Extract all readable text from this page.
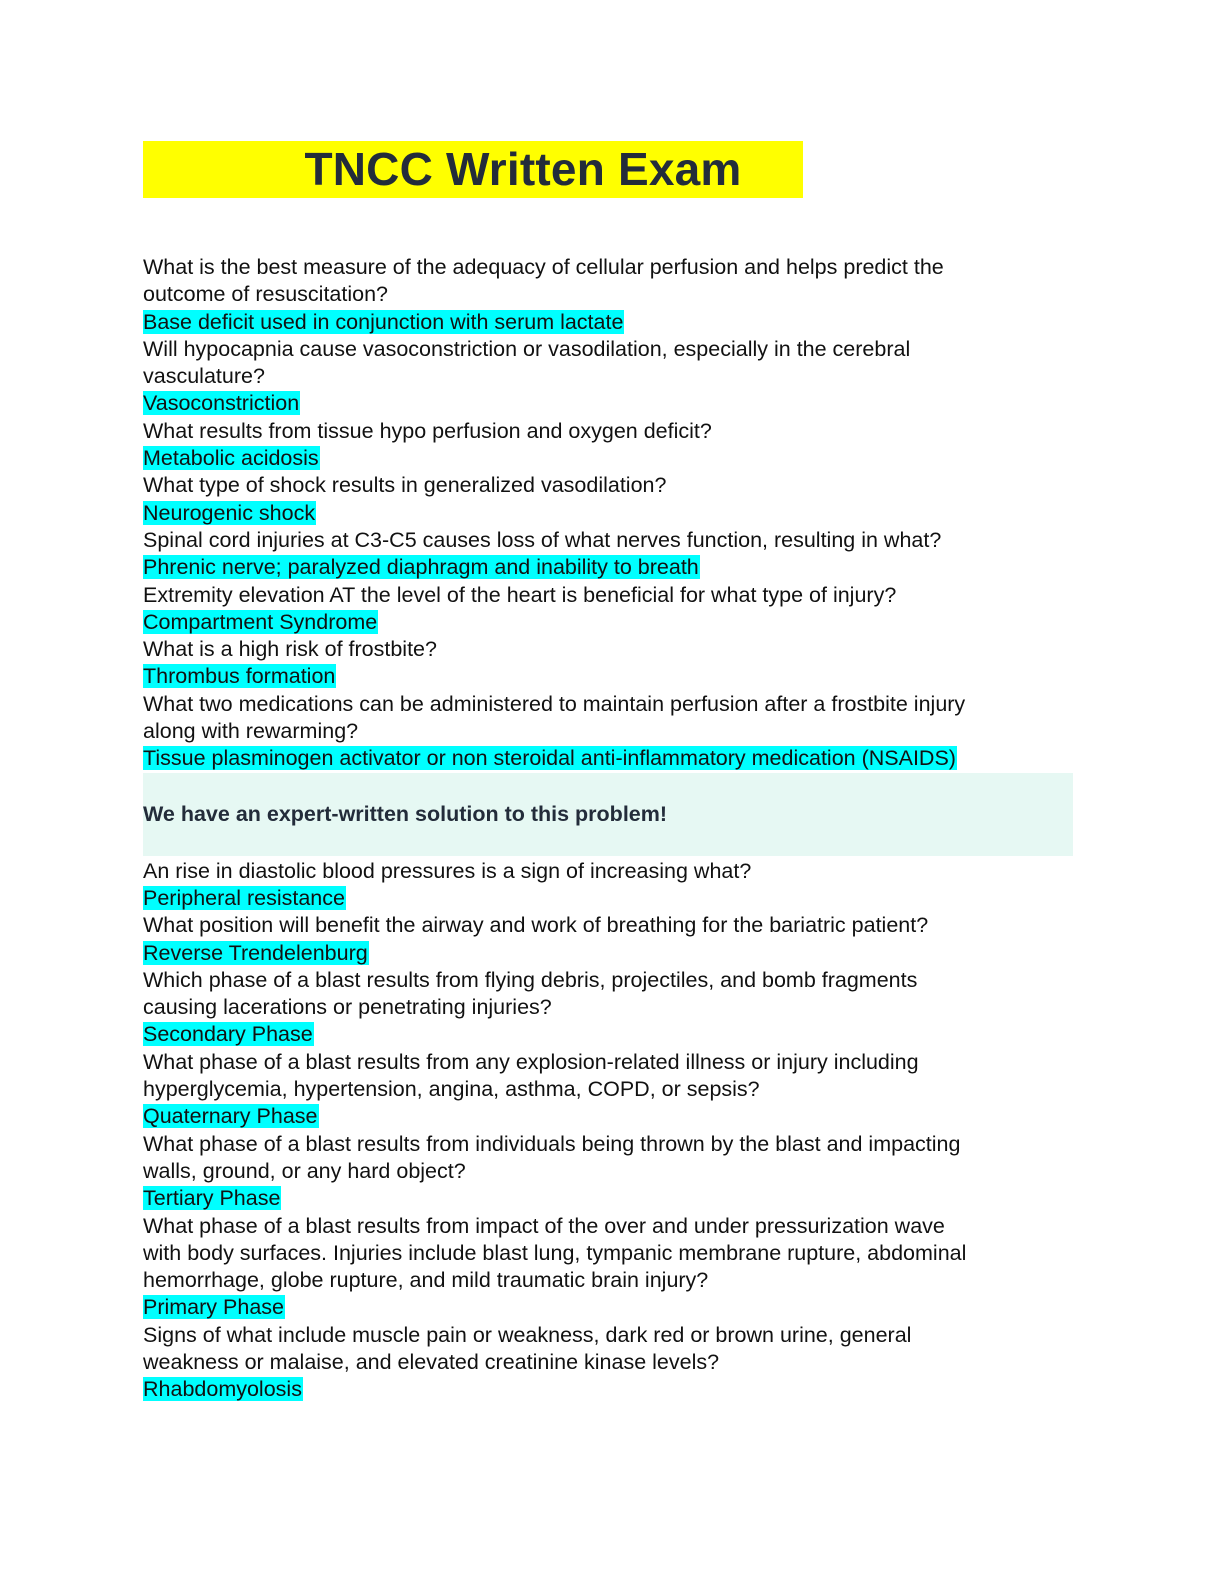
TNCC Written Exam
What is the best measure of the adequacy of cellular perfusion and helps predict the
outcome of resuscitation?
Base deficit used in conjunction with serum lactate
Will hypocapnia cause vasoconstriction or vasodilation, especially in the cerebral
vasculature?
Vasoconstriction
What results from tissue hypo perfusion and oxygen deficit?
Metabolic acidosis
What type of shock results in generalized vasodilation?
Neurogenic shock
Spinal cord injuries at C3-C5 causes loss of what nerves function, resulting in what?
Phrenic nerve; paralyzed diaphragm and inability to breath
Extremity elevation AT the level of the heart is beneficial for what type of injury?
Compartment Syndrome
What is a high risk of frostbite?
Thrombus formation
What two medications can be administered to maintain perfusion after a frostbite injury
along with rewarming?
Tissue plasminogen activator or non steroidal anti-inflammatory medication (NSAIDS)
We have an expert-written solution to this problem!
An rise in diastolic blood pressures is a sign of increasing what?
Peripheral resistance
What position will benefit the airway and work of breathing for the bariatric patient?
Reverse Trendelenburg
Which phase of a blast results from flying debris, projectiles, and bomb fragments
causing lacerations or penetrating injuries?
Secondary Phase
What phase of a blast results from any explosion-related illness or injury including
hyperglycemia, hypertension, angina, asthma, COPD, or sepsis?
Quaternary Phase
What phase of a blast results from individuals being thrown by the blast and impacting
walls, ground, or any hard object?
Tertiary Phase
What phase of a blast results from impact of the over and under pressurization wave
with body surfaces. Injuries include blast lung, tympanic membrane rupture, abdominal
hemorrhage, globe rupture, and mild traumatic brain injury?
Primary Phase
Signs of what include muscle pain or weakness, dark red or brown urine, general
weakness or malaise, and elevated creatinine kinase levels?
Rhabdomyolosis
